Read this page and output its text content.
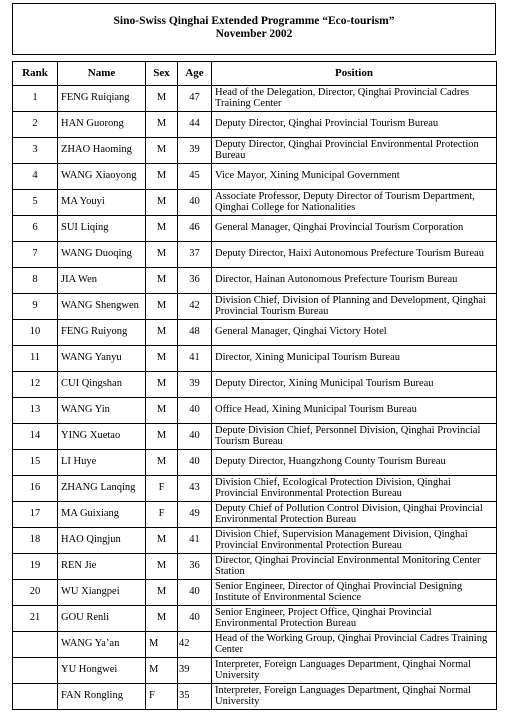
Sino-Swiss Qinghai Extended Programme “Eco-tourism”
November 2002
Rank	Name	Sex	Age	Position
1	FENG Ruiqiang	M	47	Head of the Delegation, Director, Qinghai Provincial Cadres Training Center
2	HAN Guorong	M	44	Deputy Director, Qinghai Provincial Tourism Bureau
3	ZHAO Haoming	M	39	Deputy Director, Qinghai Provincial Environmental Protection Bureau
4	WANG Xiaoyong	M	45	Vice Mayor, Xining Municipal Government
5	MA Youyi	M	40	Associate Professor, Deputy Director of Tourism Department, Qinghai College for Nationalities
6	SUI Liqing	M	46	General Manager, Qinghai Provincial Tourism Corporation
7	WANG Duoqing	M	37	Deputy Director, Haixi Autonomous Prefecture Tourism Bureau
8	JIA Wen	M	36	Director, Hainan Autonomous Prefecture Tourism Bureau
9	WANG Shengwen	M	42	Division Chief, Division of Planning and Development, Qinghai Provincial Tourism Bureau
10	FENG Ruiyong	M	48	General Manager, Qinghai Victory Hotel
11	WANG Yanyu	M	41	Director, Xining Municipal Tourism Bureau
12	CUI Qingshan	M	39	Deputy Director, Xining Municipal Tourism Bureau
13	WANG Yin	M	40	Office Head, Xining Municipal Tourism Bureau
14	YING Xuetao	M	40	Depute Division Chief, Personnel Division, Qinghai Provincial Tourism Bureau
15	LI Huye	M	40	Deputy Director, Huangzhong County Tourism Bureau
16	ZHANG Lanqing	F	43	Division Chief, Ecological Protection Division, Qinghai Provincial Environmental Protection Bureau
17	MA Guixiang	F	49	Deputy Chief of Pollution Control Division, Qinghai Provincial Environmental Protection Bureau
18	HAO Qingjun	M	41	Division Chief, Supervision Management Division, Qinghai Provincial Environmental Protection Bureau
19	REN Jie	M	36	Director, Qinghai Provincial Environmental Monitoring Center Station
20	WU Xiangpei	M	40	Senior Engineer, Director of Qinghai Provincial Designing Institute of Environmental Science
21	GOU Renli	M	40	Senior Engineer, Project Office, Qinghai Provincial Environmental Protection Bureau
	WANG Ya’an	M	42	Head of the Working Group, Qinghai Provincial Cadres Training Center
	YU Hongwei	M	39	Interpreter, Foreign Languages Department, Qinghai Normal University
	FAN Rongling	F	35	Interpreter, Foreign Languages Department, Qinghai Normal University
